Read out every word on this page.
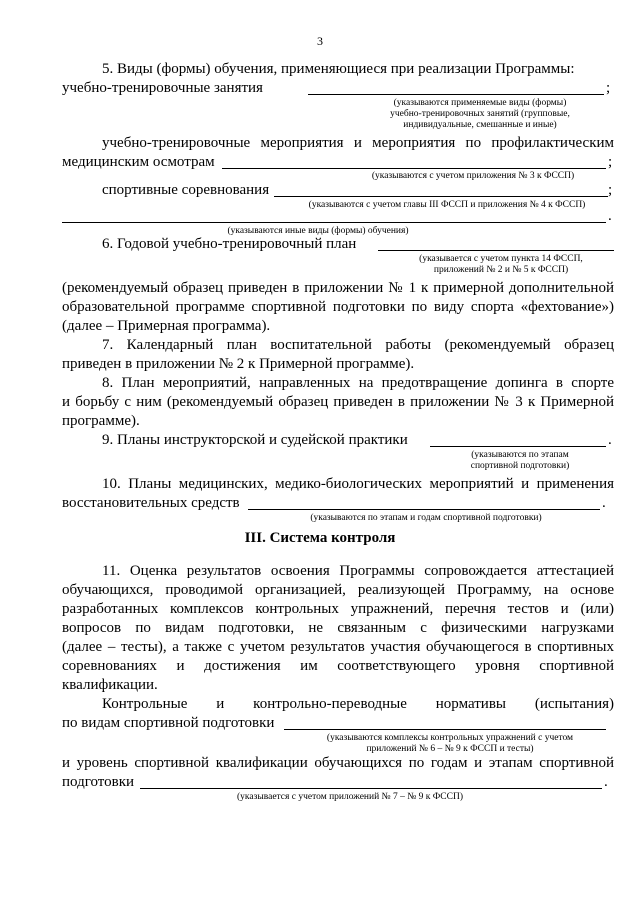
3
5. Виды (формы) обучения, применяющиеся при реализации Программы:
учебно-тренировочные занятия	;
(указываются применяемые виды (формы)
учебно-тренировочных занятий (групповые,
индивидуальные, смешанные и иные)
учебно-тренировочные мероприятия и мероприятия по профилактическим
медицинским осмотрам	;
(указываются с учетом приложения № 3 к ФССП)
спортивные соревнования	;
(указываются с учетом главы III ФССП и приложения № 4 к ФССП)
.
(указываются иные виды (формы) обучения)
6. Годовой учебно-тренировочный план
(указывается с учетом пункта 14 ФССП,
приложений № 2 и № 5 к ФССП)
(рекомендуемый образец приведен в приложении № 1 к примерной дополнительной
образовательной программе спортивной подготовки по виду спорта «фехтование»)
(далее – Примерная программа).
7. Календарный план воспитательной работы (рекомендуемый образец
приведен в приложении № 2 к Примерной программе).
8. План мероприятий, направленных на предотвращение допинга в спорте
и борьбу с ним (рекомендуемый образец приведен в приложении № 3 к Примерной
программе).
9. Планы инструкторской и судейской практики	.
(указываются по этапам
спортивной подготовки)
10. Планы медицинских, медико-биологических мероприятий и применения
восстановительных средств	.
(указываются по этапам и годам спортивной подготовки)
III. Система контроля
11. Оценка результатов освоения Программы сопровождается аттестацией
обучающихся, проводимой организацией, реализующей Программу, на основе
разработанных комплексов контрольных упражнений, перечня тестов и (или)
вопросов по видам подготовки, не связанным с физическими нагрузками
(далее – тесты), а также с учетом результатов участия обучающегося в спортивных
соревнованиях и достижения им соответствующего уровня спортивной
квалификации.
Контрольные и контрольно-переводные нормативы (испытания)
по видам спортивной подготовки
(указываются комплексы контрольных упражнений с учетом
приложений № 6 – № 9 к ФССП и тесты)
и уровень спортивной квалификации обучающихся по годам и этапам спортивной
подготовки	.
(указывается с учетом приложений № 7 – № 9 к ФССП)
